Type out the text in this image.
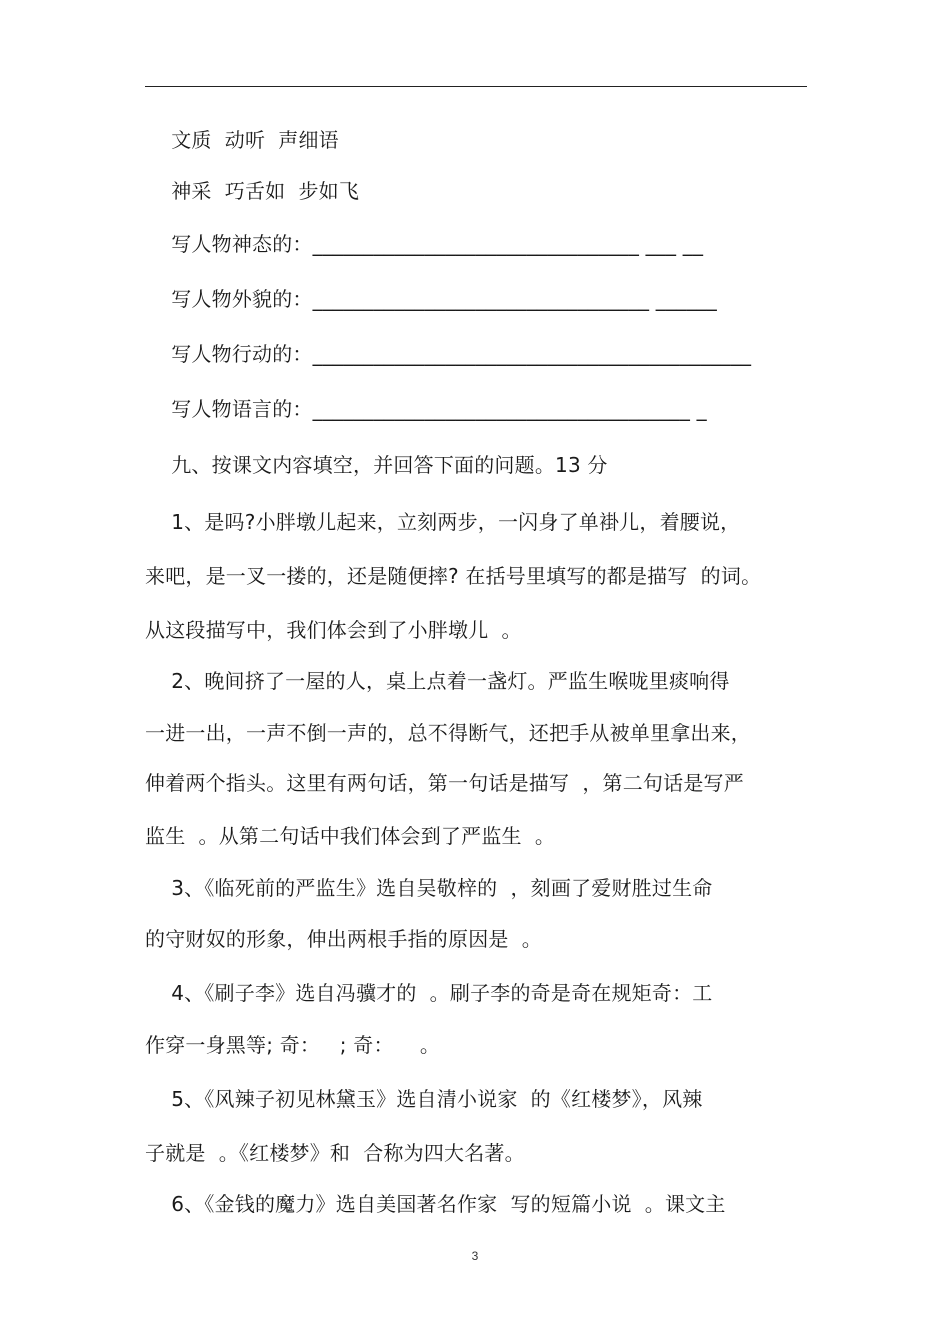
文质  动听  声细语
神采  巧舌如  步如飞
写人物神态的：________________________________ ___ __
写人物外貌的：_________________________________ ______
写人物行动的：___________________________________________
写人物语言的：_____________________________________ _
九、按课文内容填空，并回答下面的问题。13 分
1、是吗?小胖墩儿起来，立刻两步，一闪身了单褂儿，着腰说，
来吧，是一叉一搂的，还是随便摔? 在括号里填写的都是描写  的词。
从这段描写中，我们体会到了小胖墩儿  。
2、晚间挤了一屋的人，桌上点着一盏灯。严监生喉咙里痰响得
一进一出，一声不倒一声的，总不得断气，还把手从被单里拿出来，
伸着两个指头。这里有两句话，第一句话是描写  ，第二句话是写严
监生  。从第二句话中我们体会到了严监生  。
3、《临死前的严监生》选自吴敬梓的  ，刻画了爱财胜过生命
的守财奴的形象，伸出两根手指的原因是  。
4、《刷子李》选自冯骥才的  。刷子李的奇是奇在规矩奇：工
作穿一身黑等; 奇：   ; 奇：    。
5、《风辣子初见林黛玉》选自清小说家  的《红楼梦》，风辣
子就是  。《红楼梦》和  合称为四大名著。
6、《金钱的魔力》选自美国著名作家  写的短篇小说  。课文主
3
